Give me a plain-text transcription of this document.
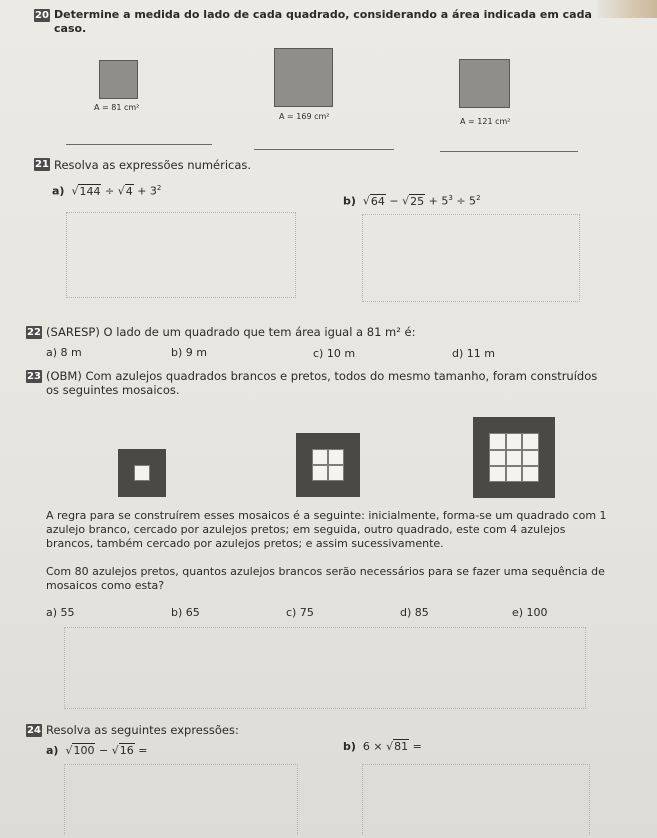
20 Determine a medida do lado de cada quadrado, considerando a área indicada em cada caso.
A = 81 cm²
A = 169 cm²
A = 121 cm²
21 Resolva as expressões numéricas.
a)  $√144 \div √4 + 3^2$
b)  $√64 - √25 + 5^3 \div 5^2$
22 (SARESP) O lado de um quadrado que tem área igual a 81 m² é:
a) 8 m	b) 9 m	c) 10 m	d) 11 m
23 (OBM) Com azulejos quadrados brancos e pretos, todos do mesmo tamanho, foram construídos os seguintes mosaicos.
A regra para se construírem esses mosaicos é a seguinte: inicialmente, forma-se um quadrado com 1 azulejo branco, cercado por azulejos pretos; em seguida, outro quadrado, este com 4 azulejos brancos, também cercado por azulejos pretos; e assim sucessivamente.
Com 80 azulejos pretos, quantos azulejos brancos serão necessários para se fazer uma sequência de mosaicos como esta?
a) 55	b) 65	c) 75	d) 85	e) 100
24 Resolva as seguintes expressões:
a)  √100 − √16 =	b) 6 × √81 =
